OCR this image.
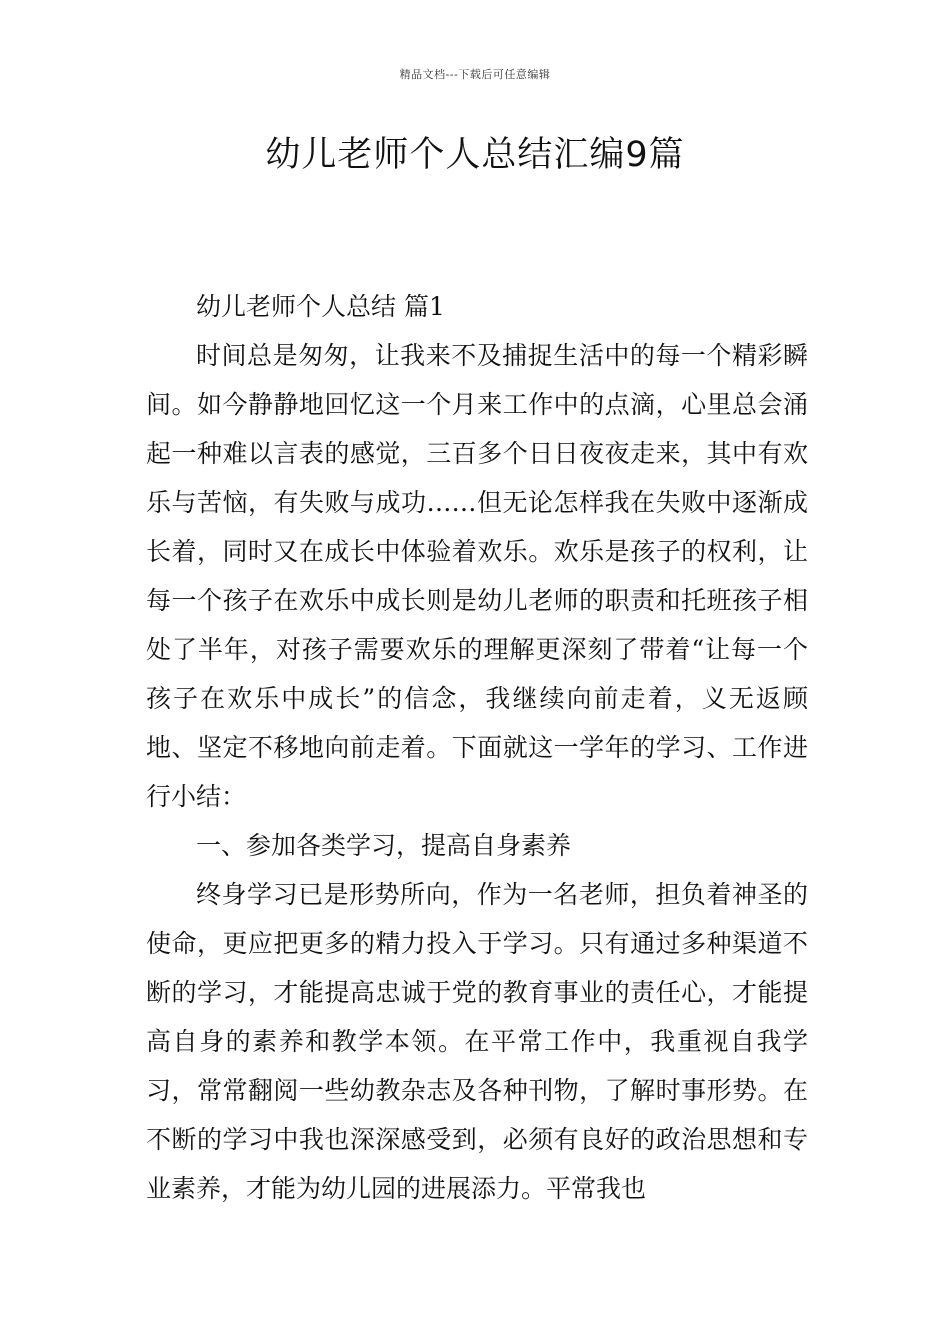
精品文档---下载后可任意编辑
幼儿老师个人总结汇编9篇

幼儿老师个人总结 篇1

时间总是匆匆，让我来不及捕捉生活中的每一个精彩瞬间。如今静静地回忆这一个月来工作中的点滴，心里总会涌起一种难以言表的感觉，三百多个日日夜夜走来，其中有欢乐与苦恼，有失败与成功……但无论怎样我在失败中逐渐成长着，同时又在成长中体验着欢乐。欢乐是孩子的权利，让每一个孩子在欢乐中成长则是幼儿老师的职责和托班孩子相处了半年，对孩子需要欢乐的理解更深刻了带着“让每一个孩子在欢乐中成长”的信念，我继续向前走着，义无返顾地、坚定不移地向前走着。下面就这一学年的学习、工作进行小结：

一、参加各类学习，提高自身素养

终身学习已是形势所向，作为一名老师，担负着神圣的使命，更应把更多的精力投入于学习。只有通过多种渠道不断的学习，才能提高忠诚于党的教育事业的责任心，才能提高自身的素养和教学本领。在平常工作中，我重视自我学习，常常翻阅一些幼教杂志及各种刊物，了解时事形势。在不断的学习中我也深深感受到，必须有良好的政治思想和专业素养，才能为幼儿园的进展添力。平常我也
